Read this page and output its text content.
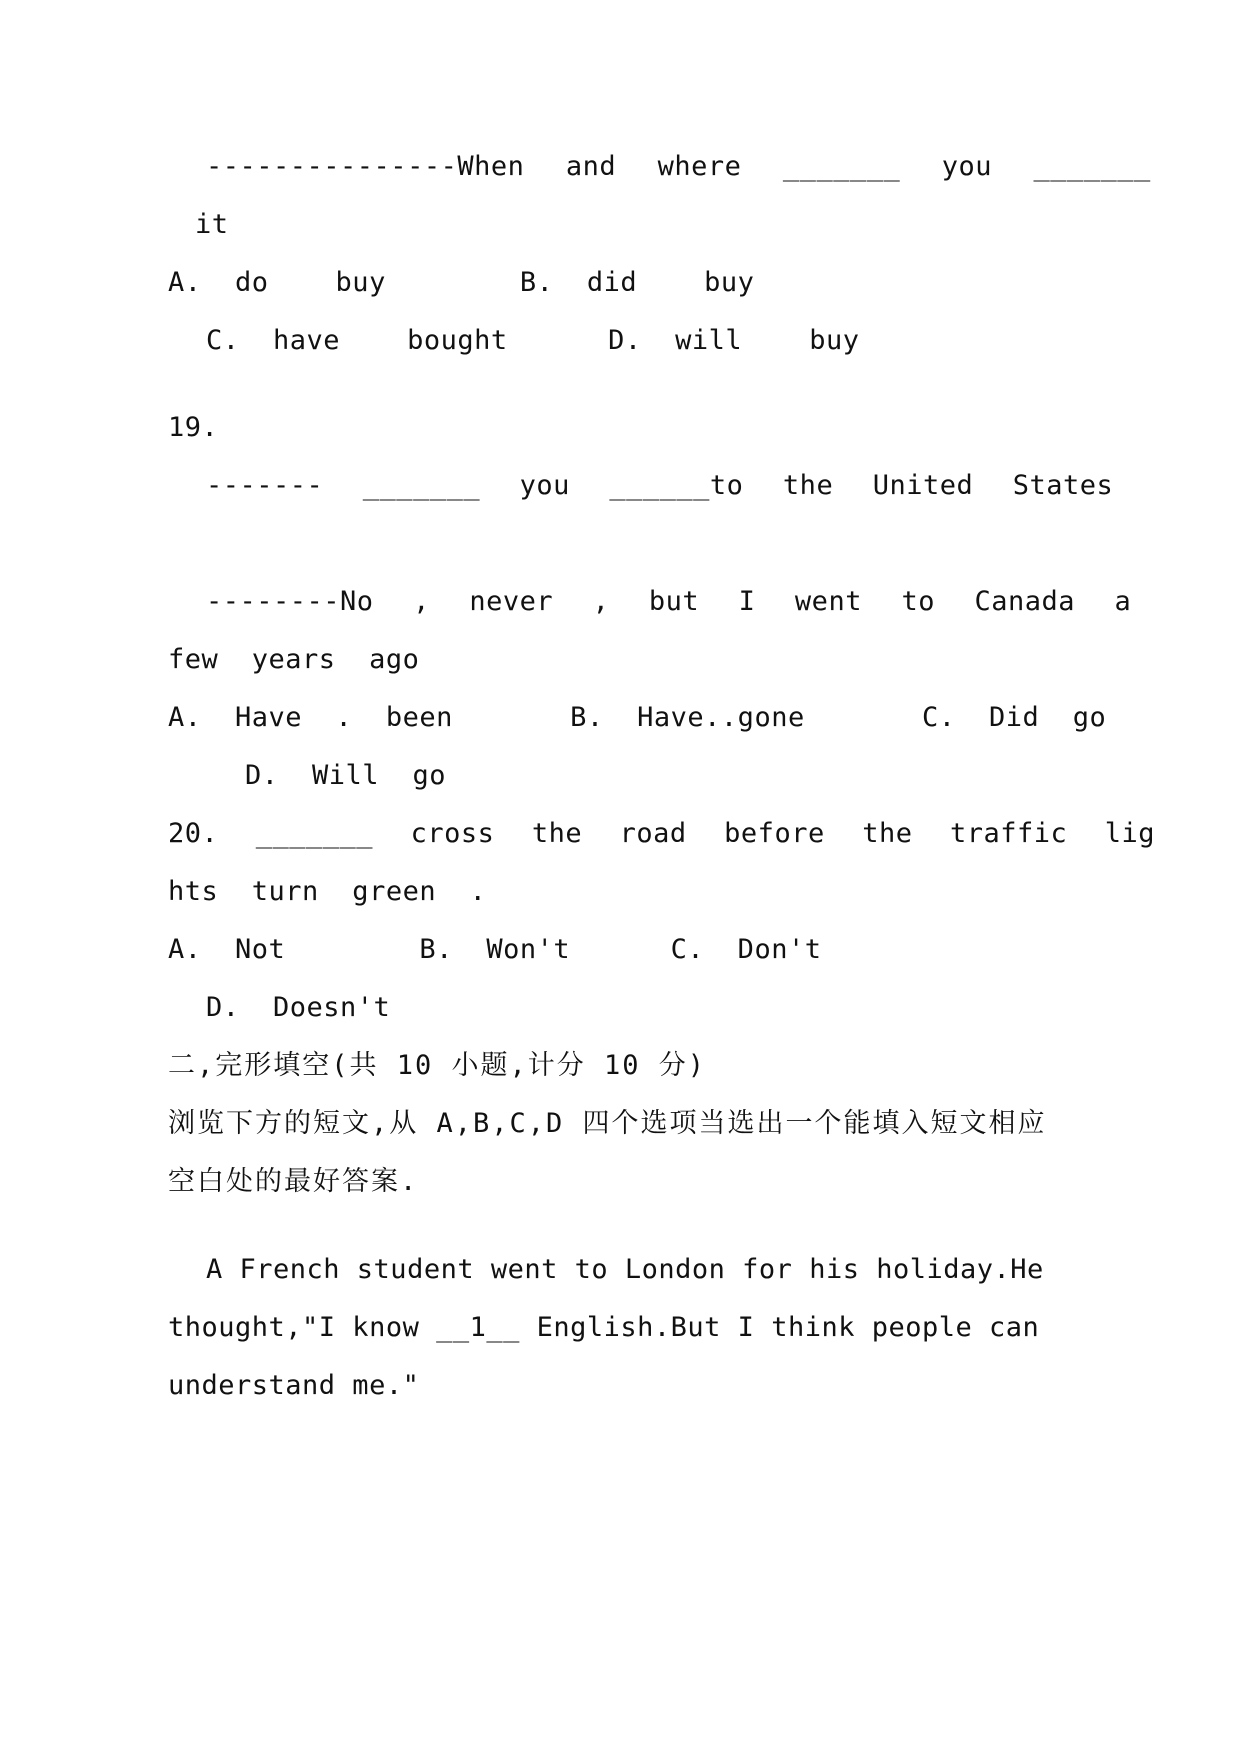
---------------When  and  where  _______  you  _______
it
A.  do    buy        B.  did    buy
C.  have    bought      D.  will    buy
19.
-------  _______  you  ______to  the  United  States
--------No  ,  never  ,  but  I  went  to  Canada  a
few  years  ago
A.  Have  .  been       B.  Have..gone       C.  Did  go
D.  Will  go
20.  _______  cross  the  road  before  the  traffic  lig
hts  turn  green  .
A.  Not        B.  Won't      C.  Don't
D.  Doesn't
二,完形填空(共 10 小题,计分 10 分)
浏览下方的短文,从 A,B,C,D 四个选项当选出一个能填入短文相应
空白处的最好答案.
A French student went to London for his holiday.He
thought,"I know __1__ English.But I think people can
understand me."
